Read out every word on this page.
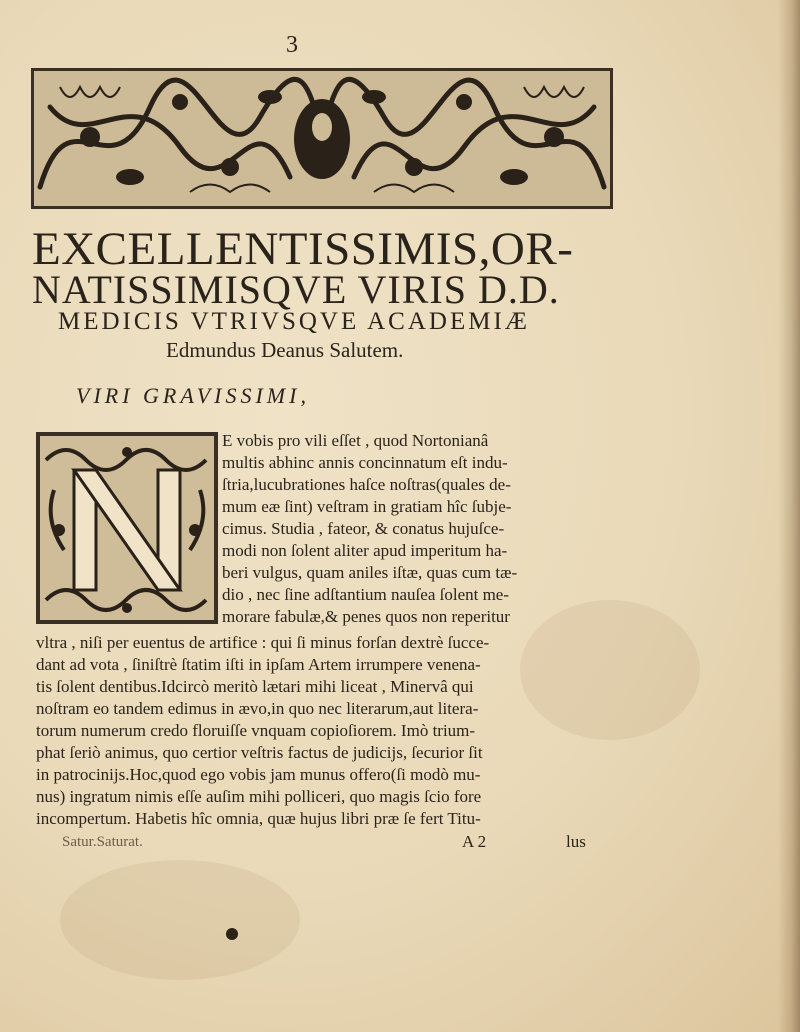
3
EXCELLENTISSIMIS,OR-
NATISSIMISQVE VIRIS D.D.
MEDICIS VTRIVSQVE ACADEMIÆ
Edmundus Deanus Salutem.
VIRI GRAVISSIMI,
E vobis pro vili eſſet , quod Nortonianâ
multis abhinc annis concinnatum eſt indu-
ſtria,lucubrationes haſce noſtras(quales de-
mum eæ ſint) veſtram in gratiam hîc ſubje-
cimus. Studia , fateor, & conatus hujuſce-
modi non ſolent aliter apud imperitum ha-
beri vulgus, quam aniles iſtæ, quas cum tæ-
dio , nec ſine adſtantium nauſea ſolent me-
morare fabulæ,& penes quos non reperitur
vltra , niſi per euentus de artifice : qui ſi minus forſan dextrè ſucce-
dant ad vota , ſiniſtrè ſtatim iſti in ipſam Artem irrumpere venena-
tis ſolent dentibus.Idcircò meritò lætari mihi liceat , Minervâ qui
noſtram eo tandem edimus in ævo,in quo nec literarum,aut litera-
torum numerum credo floruiſſe vnquam copioſiorem. Imò trium-
phat ſeriò animus, quo certior veſtris factus de judicijs, ſecurior ſit
in patrocinijs.Hoc,quod ego vobis jam munus offero(ſi modò mu-
nus) ingratum nimis eſſe auſim mihi polliceri, quo magis ſcio fore
incompertum. Habetis hîc omnia, quæ hujus libri præ ſe fert Titu-
Satur.Saturat.	A 2	lus
